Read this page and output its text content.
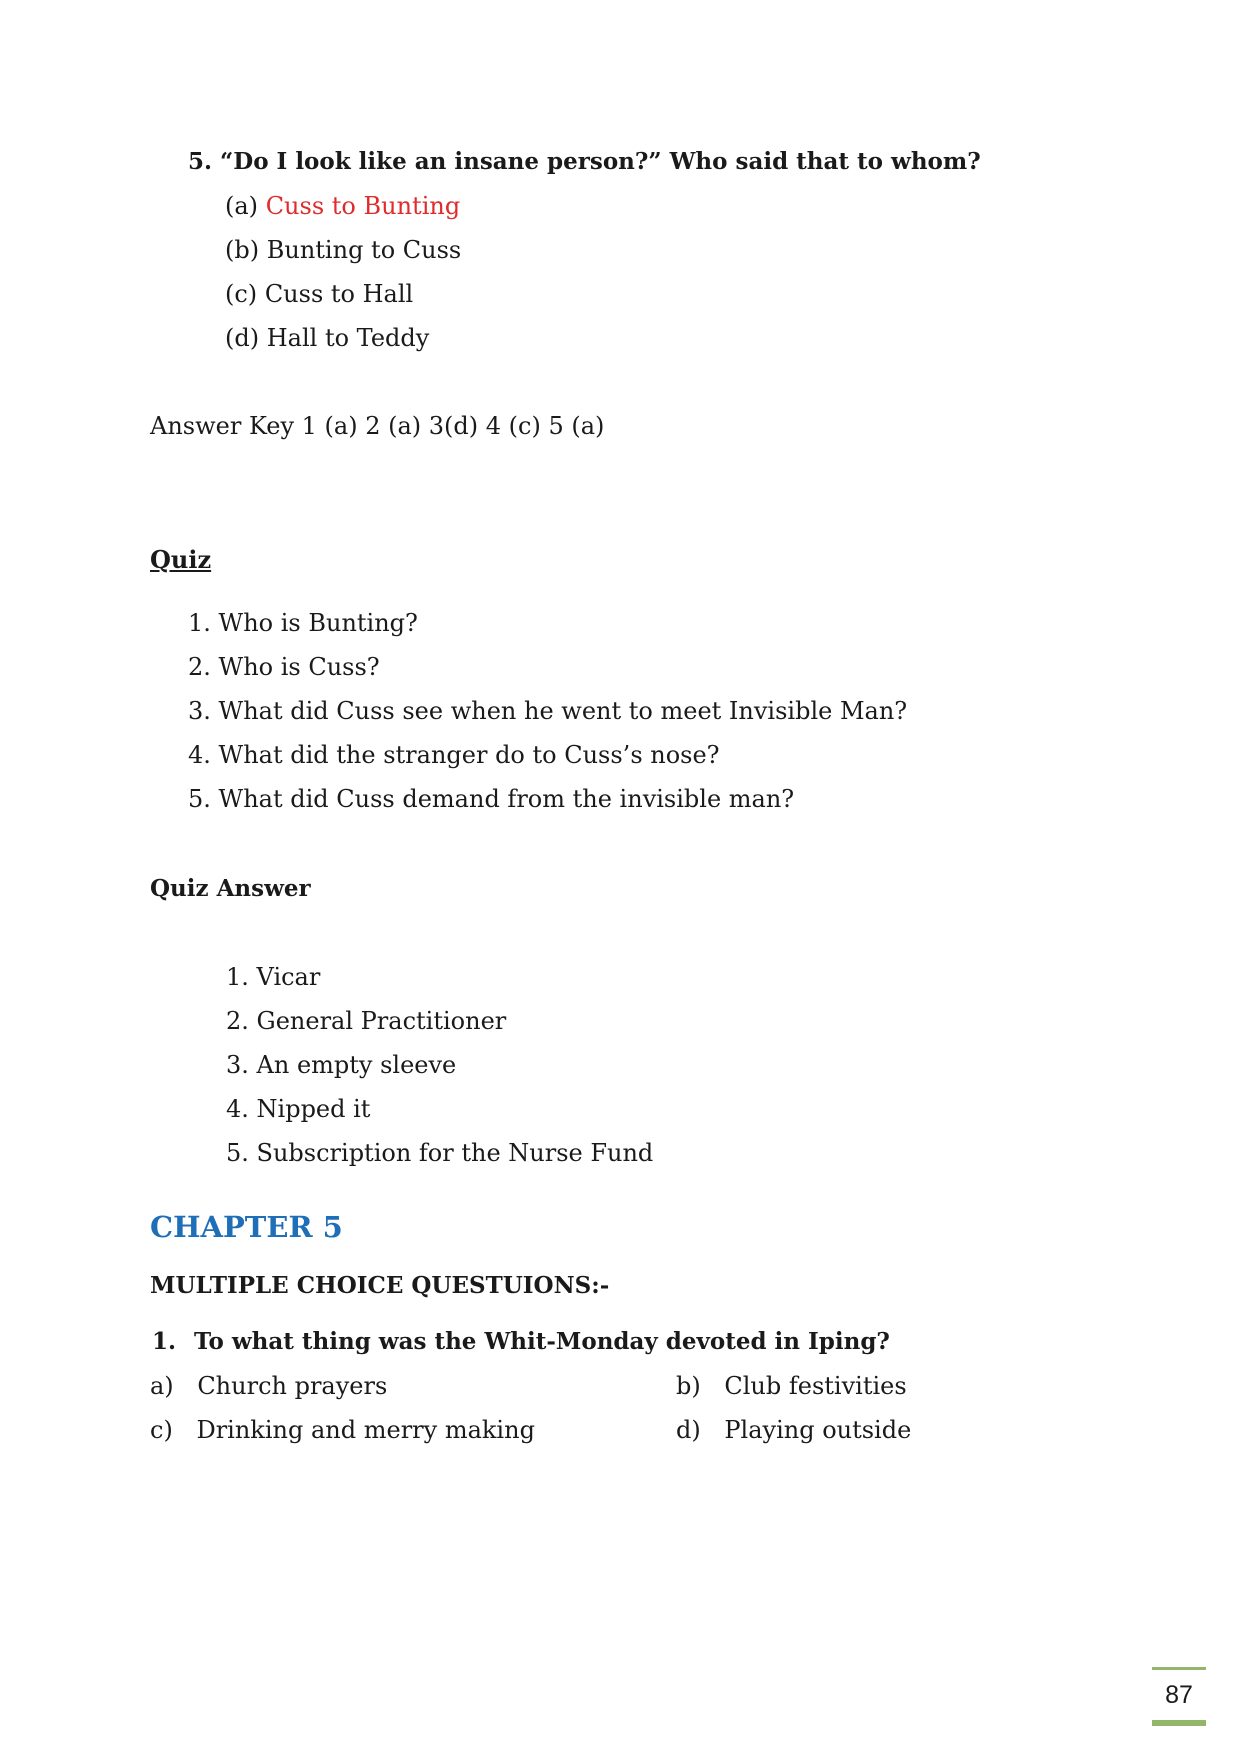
5. “Do I look like an insane person?” Who said that to whom?
(a) Cuss to Bunting
(b) Bunting to Cuss
(c) Cuss to Hall
(d) Hall to Teddy
Answer Key 1 (a) 2 (a) 3(d) 4 (c) 5 (a)
Quiz
1. Who is Bunting?
2. Who is Cuss?
3. What did Cuss see when he went to meet Invisible Man?
4. What did the stranger do to Cuss’s nose?
5. What did Cuss demand from the invisible man?
Quiz Answer
1. Vicar
2. General Practitioner
3. An empty sleeve
4. Nipped it
5. Subscription for the Nurse Fund
CHAPTER 5
MULTIPLE CHOICE QUESTUIONS:-
1. To what thing was the Whit-Monday devoted in Iping?
a) Church prayers	b) Club festivities
c) Drinking and merry making	d) Playing outside
87
